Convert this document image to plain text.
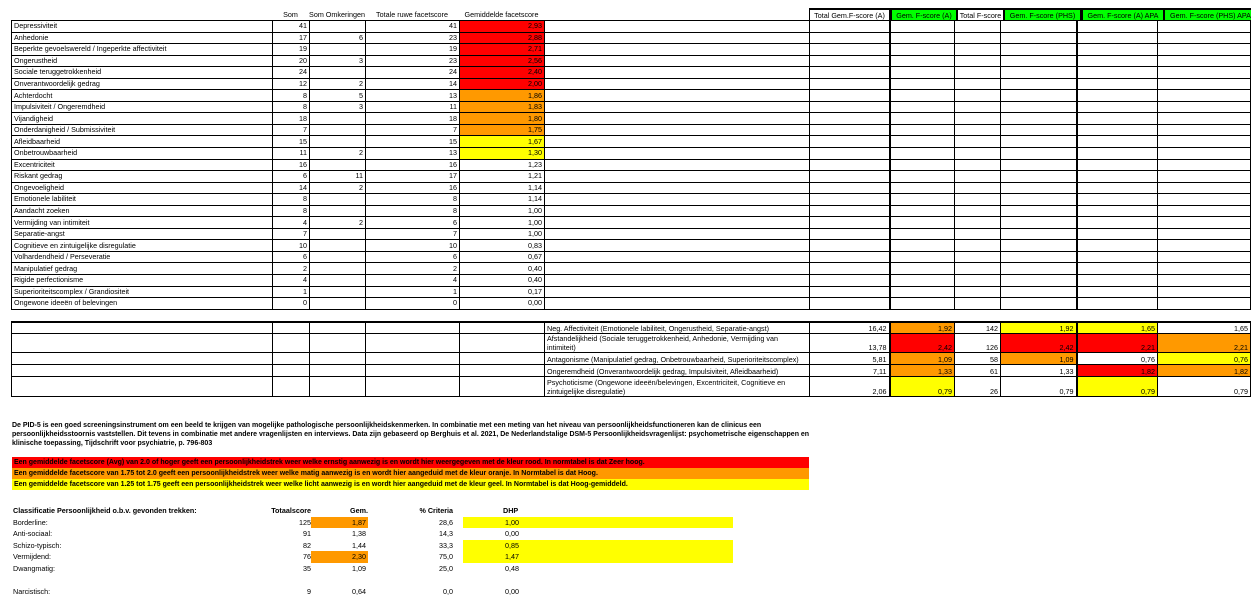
Som	Som Omkeringen	Totale ruwe facetscore	Gemiddelde facetscore	Total Gem.F-score (A)	Gem. F-score (A)	Total F-score	Gem. F-score (PHS)	Gem. F-score (A) APA	Gem. F-score (PHS) APA
Depressiviteit	41		41	2,93							
Anhedonie	17	6	23	2,88							
Beperkte gevoelswereld / Ingeperkte affectiviteit	19		19	2,71							
Ongerustheid	20	3	23	2,56							
Sociale teruggetrokkenheid	24		24	2,40							
Onverantwoordelijk gedrag	12	2	14	2,00							
Achterdocht	8	5	13	1,86							
Impulsiviteit / Ongeremdheid	8	3	11	1,83							
Vijandigheid	18		18	1,80							
Onderdanigheid / Submissiviteit	7		7	1,75							
Afleidbaarheid	15		15	1,67							
Onbetrouwbaarheid	11	2	13	1,30							
Excentriciteit	16		16	1,23							
Riskant gedrag	6	11	17	1,21							
Ongevoeligheid	14	2	16	1,14							
Emotionele labiliteit	8		8	1,14							
Aandacht zoeken	8		8	1,00							
Vermijding van intimiteit	4	2	6	1,00							
Separatie-angst	7		7	1,00							
Cognitieve en zintuigelijke disregulatie	10		10	0,83							
Volhardendheid / Perseveratie	6		6	0,67							
Manipulatief gedrag	2		2	0,40							
Rigide perfectionisme	4		4	0,40							
Superioriteitscomplex / Grandiositeit	1		1	0,17							
Ongewone ideeën of belevingen	0		0	0,00							
					Neg. Affectiviteit (Emotionele labiliteit, Ongerustheid, Separatie-angst)	16,42	1,92	142	1,92	1,65	1,65
					Afstandelijkheid (Sociale teruggetrokkenheid, Anhedonie, Vermijding van intimiteit)	13,78	2,42	126	2,42	2,21	2,21
					Antagonisme (Manipulatief gedrag, Onbetrouwbaarheid, Superioriteitscomplex)	5,81	1,09	58	1,09	0,76	0,76
					Ongeremdheid (Onverantwoordelijk gedrag, Impulsiviteit, Afleidbaarheid)	7,11	1,33	61	1,33	1,82	1,82
					Psychoticisme (Ongewone ideeën/belevingen, Excentriciteit, Cognitieve en zintuigelijke disregulatie)	2,06	0,79	26	0,79	0,79	0,79
De PID-5 is een goed screeningsinstrument om een beeld te krijgen van mogelijke pathologische persoonlijkheidskenmerken. In combinatie met een meting van het niveau van persoonlijkheidsfunctioneren kan de clinicus een persoonlijkheidsstoornis vaststellen. Dit tevens in combinatie met andere vragenlijsten en interviews. Data zijn gebaseerd op Berghuis et al. 2021, De Nederlandstalige DSM-5 Persoonlijkheidsvragenlijst: psychometrische eigenschappen en klinische toepassing, Tijdschrift voor psychiatrie, p. 796-803
Een gemiddelde facetscore (Avg) van 2.0 of hoger geeft een persoonlijkheidstrek weer welke ernstig aanwezig is en wordt hier weergegeven met de kleur rood. In normtabel is dat Zeer hoog.
Een gemiddelde facetscore van 1.75 tot 2.0 geeft een persoonlijkheidstrek weer welke matig aanwezig is en wordt hier aangeduid met de kleur oranje. In Normtabel is dat Hoog.
Een gemiddelde facetscore van 1.25 tot 1.75 geeft een persoonlijkheidstrek weer welke licht aanwezig is en wordt hier aangeduid met de kleur geel. In Normtabel is dat Hoog-gemiddeld.
Classificatie Persoonlijkheid o.b.v. gevonden trekken:	Totaalscore	Gem.	% Criteria			DHP
Borderline:	125	1,87	28,6			1,00
Anti-sociaal:	91	1,38	14,3			0,00
Schizo-typisch:	82	1,44	33,3			0,85
Vermijdend:	76	2,30	75,0			1,47
Dwangmatig:	35	1,09	25,0			0,48

Narcistisch:	9	0,64	0,0			0,00
